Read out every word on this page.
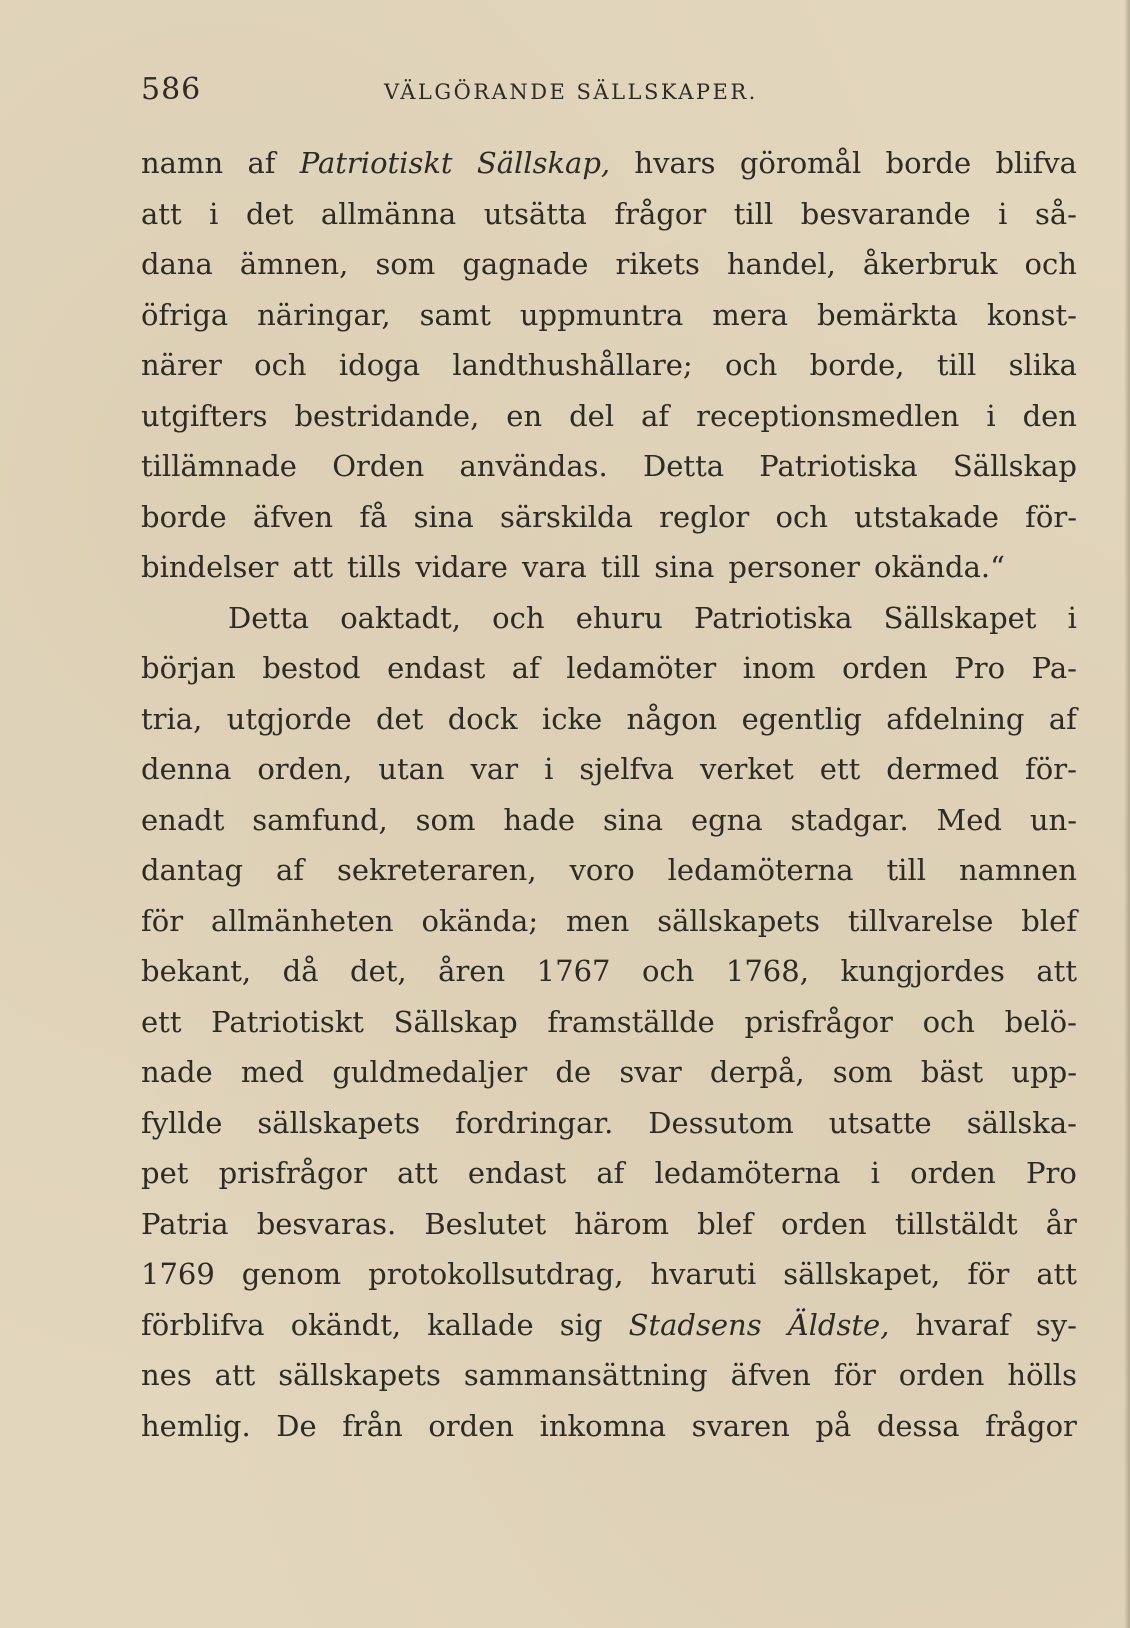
586	VÄLGÖRANDE SÄLLSKAPER.
namn af Patriotiskt Sällskap, hvars göromål borde blifva
att i det allmänna utsätta frågor till besvarande i så-
dana ämnen, som gagnade rikets handel, åkerbruk och
öfriga näringar, samt uppmuntra mera bemärkta konst-
närer och idoga landthushållare; och borde, till slika
utgifters bestridande, en del af receptionsmedlen i den
tillämnade Orden användas. Detta Patriotiska Sällskap
borde äfven få sina särskilda reglor och utstakade för-
bindelser att tills vidare vara till sina personer okända.“
Detta oaktadt, och ehuru Patriotiska Sällskapet i
början bestod endast af ledamöter inom orden Pro Pa-
tria, utgjorde det dock icke någon egentlig afdelning af
denna orden, utan var i sjelfva verket ett dermed för-
enadt samfund, som hade sina egna stadgar. Med un-
dantag af sekreteraren, voro ledamöterna till namnen
för allmänheten okända; men sällskapets tillvarelse blef
bekant, då det, åren 1767 och 1768, kungjordes att
ett Patriotiskt Sällskap framställde prisfrågor och belö-
nade med guldmedaljer de svar derpå, som bäst upp-
fyllde sällskapets fordringar. Dessutom utsatte sällska-
pet prisfrågor att endast af ledamöterna i orden Pro
Patria besvaras. Beslutet härom blef orden tillstäldt år
1769 genom protokollsutdrag, hvaruti sällskapet, för att
förblifva okändt, kallade sig Stadsens Äldste, hvaraf sy-
nes att sällskapets sammansättning äfven för orden hölls
hemlig. De från orden inkomna svaren på dessa frågor
